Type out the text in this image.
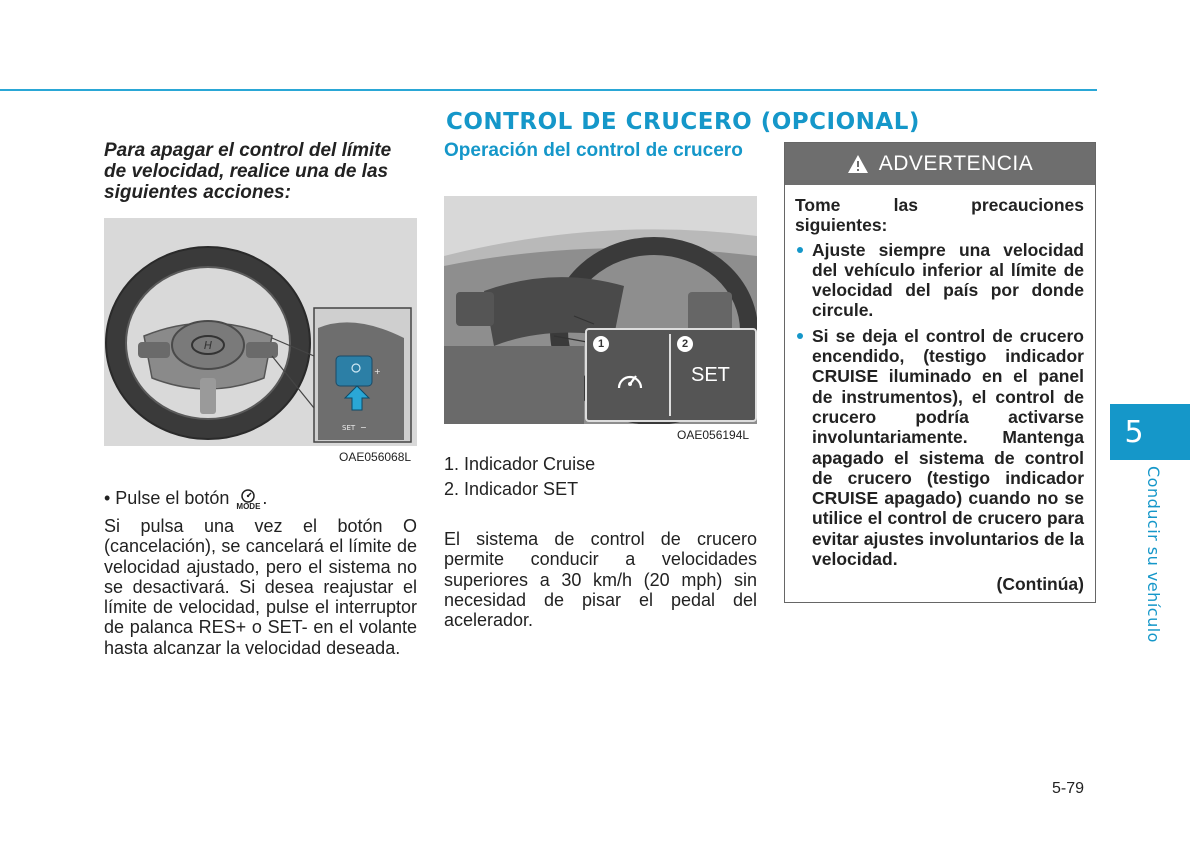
CONTROL DE CRUCERO (OPCIONAL)

Para apagar el control del límite de velocidad, realice una de las siguientes acciones:

H
+
SET −
OAE056068L
• Pulse el botón MODE .

Si pulsa una vez el botón O (cancelación), se cancelará el límite de velocidad ajustado, pero el sistema no se desactivará. Si desea reajustar el límite de velocidad, pulse el interruptor de palanca RES+ o SET- en el volante hasta alcanzar la velocidad deseada.

Operación del control de crucero

1	2
SET
OAE056194L
1. Indicador Cruise
2. Indicador SET

El sistema de control de crucero permite conducir a velocidades superiores a 30 km/h (20 mph) sin necesidad de pisar el pedal del acelerador.

ADVERTENCIA

Tome las precauciones siguientes:

Ajuste siempre una velocidad del vehículo inferior al límite de velocidad del país por donde circule.
Si se deja el control de crucero encendido, (testigo indicador CRUISE iluminado en el panel de instrumentos), el control de crucero podría activarse involuntariamente. Mantenga apagado el sistema de control de crucero (testigo indicador CRUISE apagado) cuando no se utilice el control de crucero para evitar ajustes involuntarios de la velocidad.
(Continúa)
5
Conducir su vehículo
5-79
